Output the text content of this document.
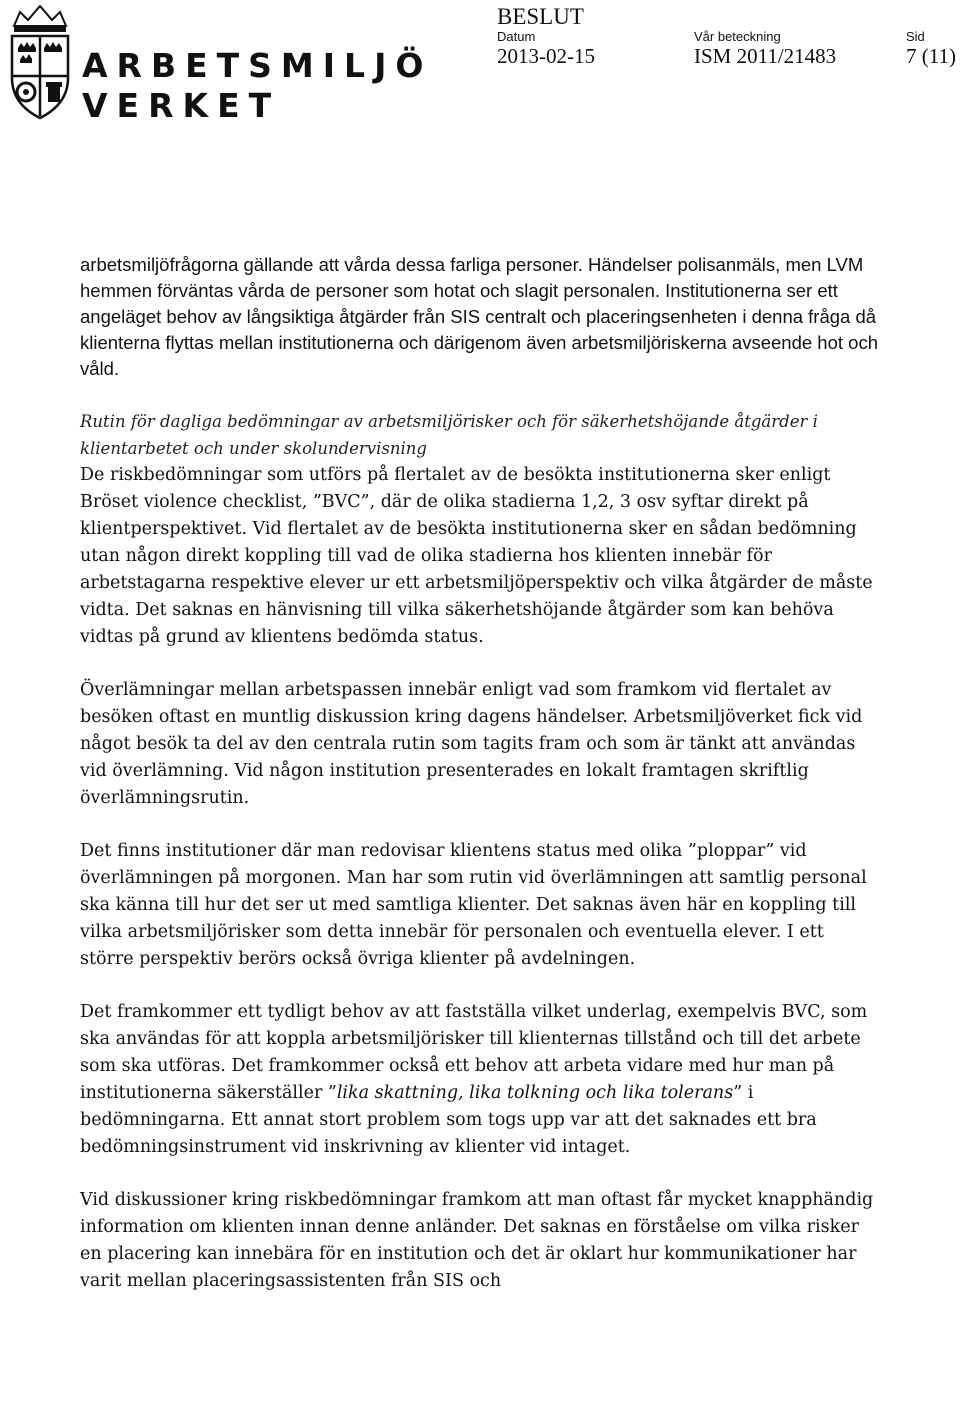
ARBETSMILJÖ
VERKET
BESLUT
Datum
2013-02-15
Vår beteckning
ISM 2011/21483
Sid
7 (11)

arbetsmiljöfrågorna gällande att vårda dessa farliga personer. Händelser polisanmäls, men LVM hemmen förväntas vårda de personer som hotat och slagit personalen. Institutionerna ser ett angeläget behov av långsiktiga åtgärder från SIS centralt och placeringsenheten i denna fråga då klienterna flyttas mellan institutionerna och därigenom även arbetsmiljöriskerna avseende hot och våld.

Rutin för dagliga bedömningar av arbetsmiljörisker och för säkerhetshöjande åtgärder i klientarbetet och under skolundervisning

De riskbedömningar som utförs på flertalet av de besökta institutionerna sker enligt Bröset violence checklist, ”BVC”, där de olika stadierna 1,2, 3 osv syftar direkt på klientperspektivet. Vid flertalet av de besökta institutionerna sker en sådan bedömning utan någon direkt koppling till vad de olika stadierna hos klienten innebär för arbetstagarna respektive elever ur ett arbetsmiljöperspektiv och vilka åtgärder de måste vidta. Det saknas en hänvisning till vilka säkerhetshöjande åtgärder som kan behöva vidtas på grund av klientens bedömda status.

Överlämningar mellan arbetspassen innebär enligt vad som framkom vid flertalet av besöken oftast en muntlig diskussion kring dagens händelser. Arbetsmiljöverket fick vid något besök ta del av den centrala rutin som tagits fram och som är tänkt att användas vid överlämning. Vid någon institution presenterades en lokalt framtagen skriftlig överlämningsrutin.

Det finns institutioner där man redovisar klientens status med olika ”ploppar” vid överlämningen på morgonen. Man har som rutin vid överlämningen att samtlig personal ska känna till hur det ser ut med samtliga klienter. Det saknas även här en koppling till vilka arbetsmiljörisker som detta innebär för personalen och eventuella elever. I ett större perspektiv berörs också övriga klienter på avdelningen.

Det framkommer ett tydligt behov av att fastställa vilket underlag, exempelvis BVC, som ska användas för att koppla arbetsmiljörisker till klienternas tillstånd och till det arbete som ska utföras. Det framkommer också ett behov att arbeta vidare med hur man på institutionerna säkerställer ”lika skattning, lika tolkning och lika tolerans” i bedömningarna. Ett annat stort problem som togs upp var att det saknades ett bra bedömningsinstrument vid inskrivning av klienter vid intaget.

Vid diskussioner kring riskbedömningar framkom att man oftast får mycket knapphändig information om klienten innan denne anländer. Det saknas en förståelse om vilka risker en placering kan innebära för en institution och det är oklart hur kommunikationer har varit mellan placeringsassistenten från SIS och
